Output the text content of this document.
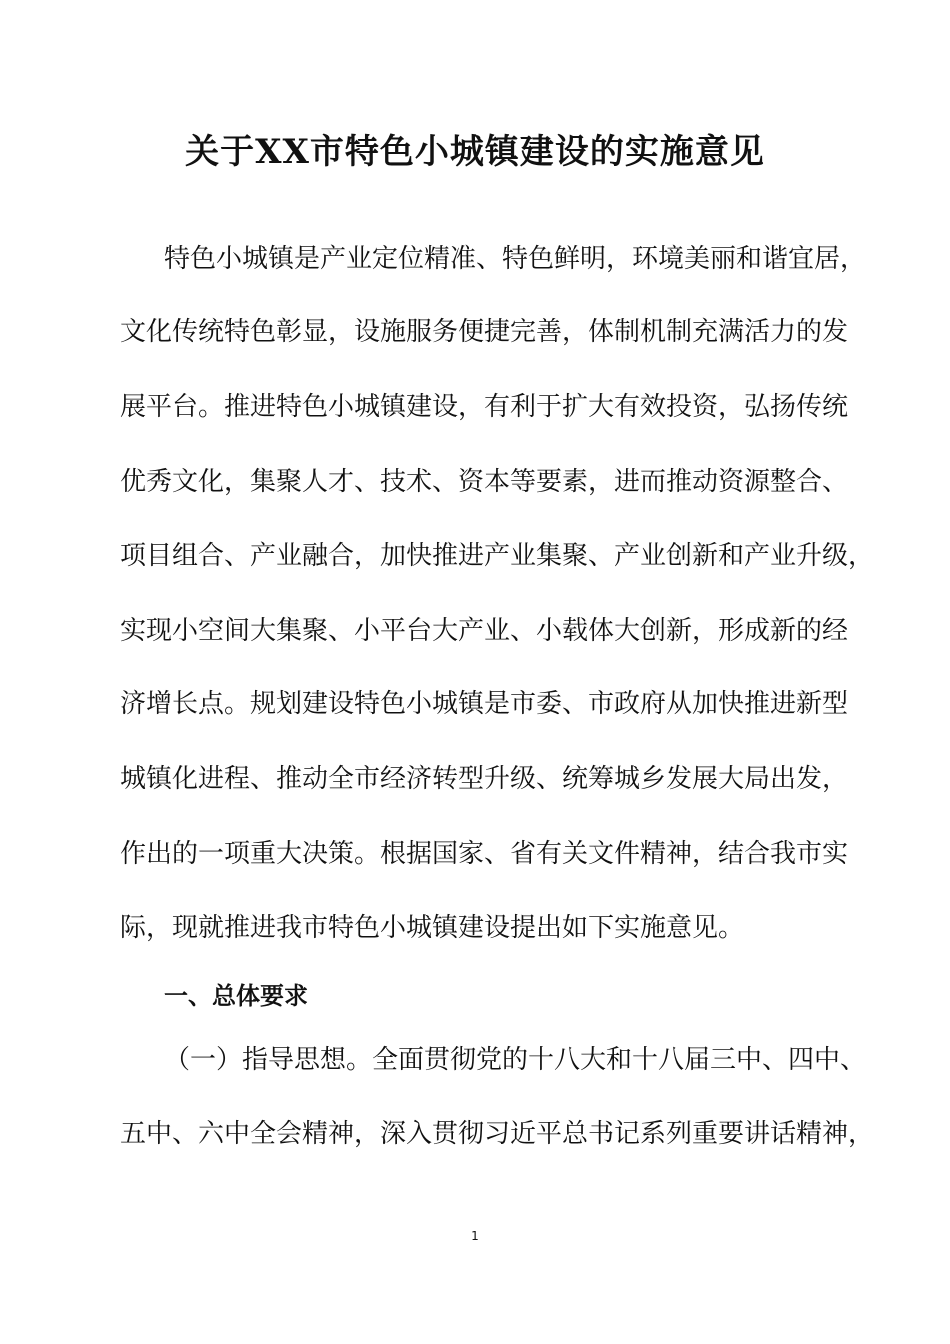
关于XX市特色小城镇建设的实施意见
特色小城镇是产业定位精准、特色鲜明，环境美丽和谐宜居，
文化传统特色彰显，设施服务便捷完善，体制机制充满活力的发
展平台。推进特色小城镇建设，有利于扩大有效投资，弘扬传统
优秀文化，集聚人才、技术、资本等要素，进而推动资源整合、
项目组合、产业融合，加快推进产业集聚、产业创新和产业升级，
实现小空间大集聚、小平台大产业、小载体大创新，形成新的经
济增长点。规划建设特色小城镇是市委、市政府从加快推进新型
城镇化进程、推动全市经济转型升级、统筹城乡发展大局出发，
作出的一项重大决策。根据国家、省有关文件精神，结合我市实
际，现就推进我市特色小城镇建设提出如下实施意见。
一、总体要求
（一）指导思想。全面贯彻党的十八大和十八届三中、四中、
五中、六中全会精神，深入贯彻习近平总书记系列重要讲话精神，
1
